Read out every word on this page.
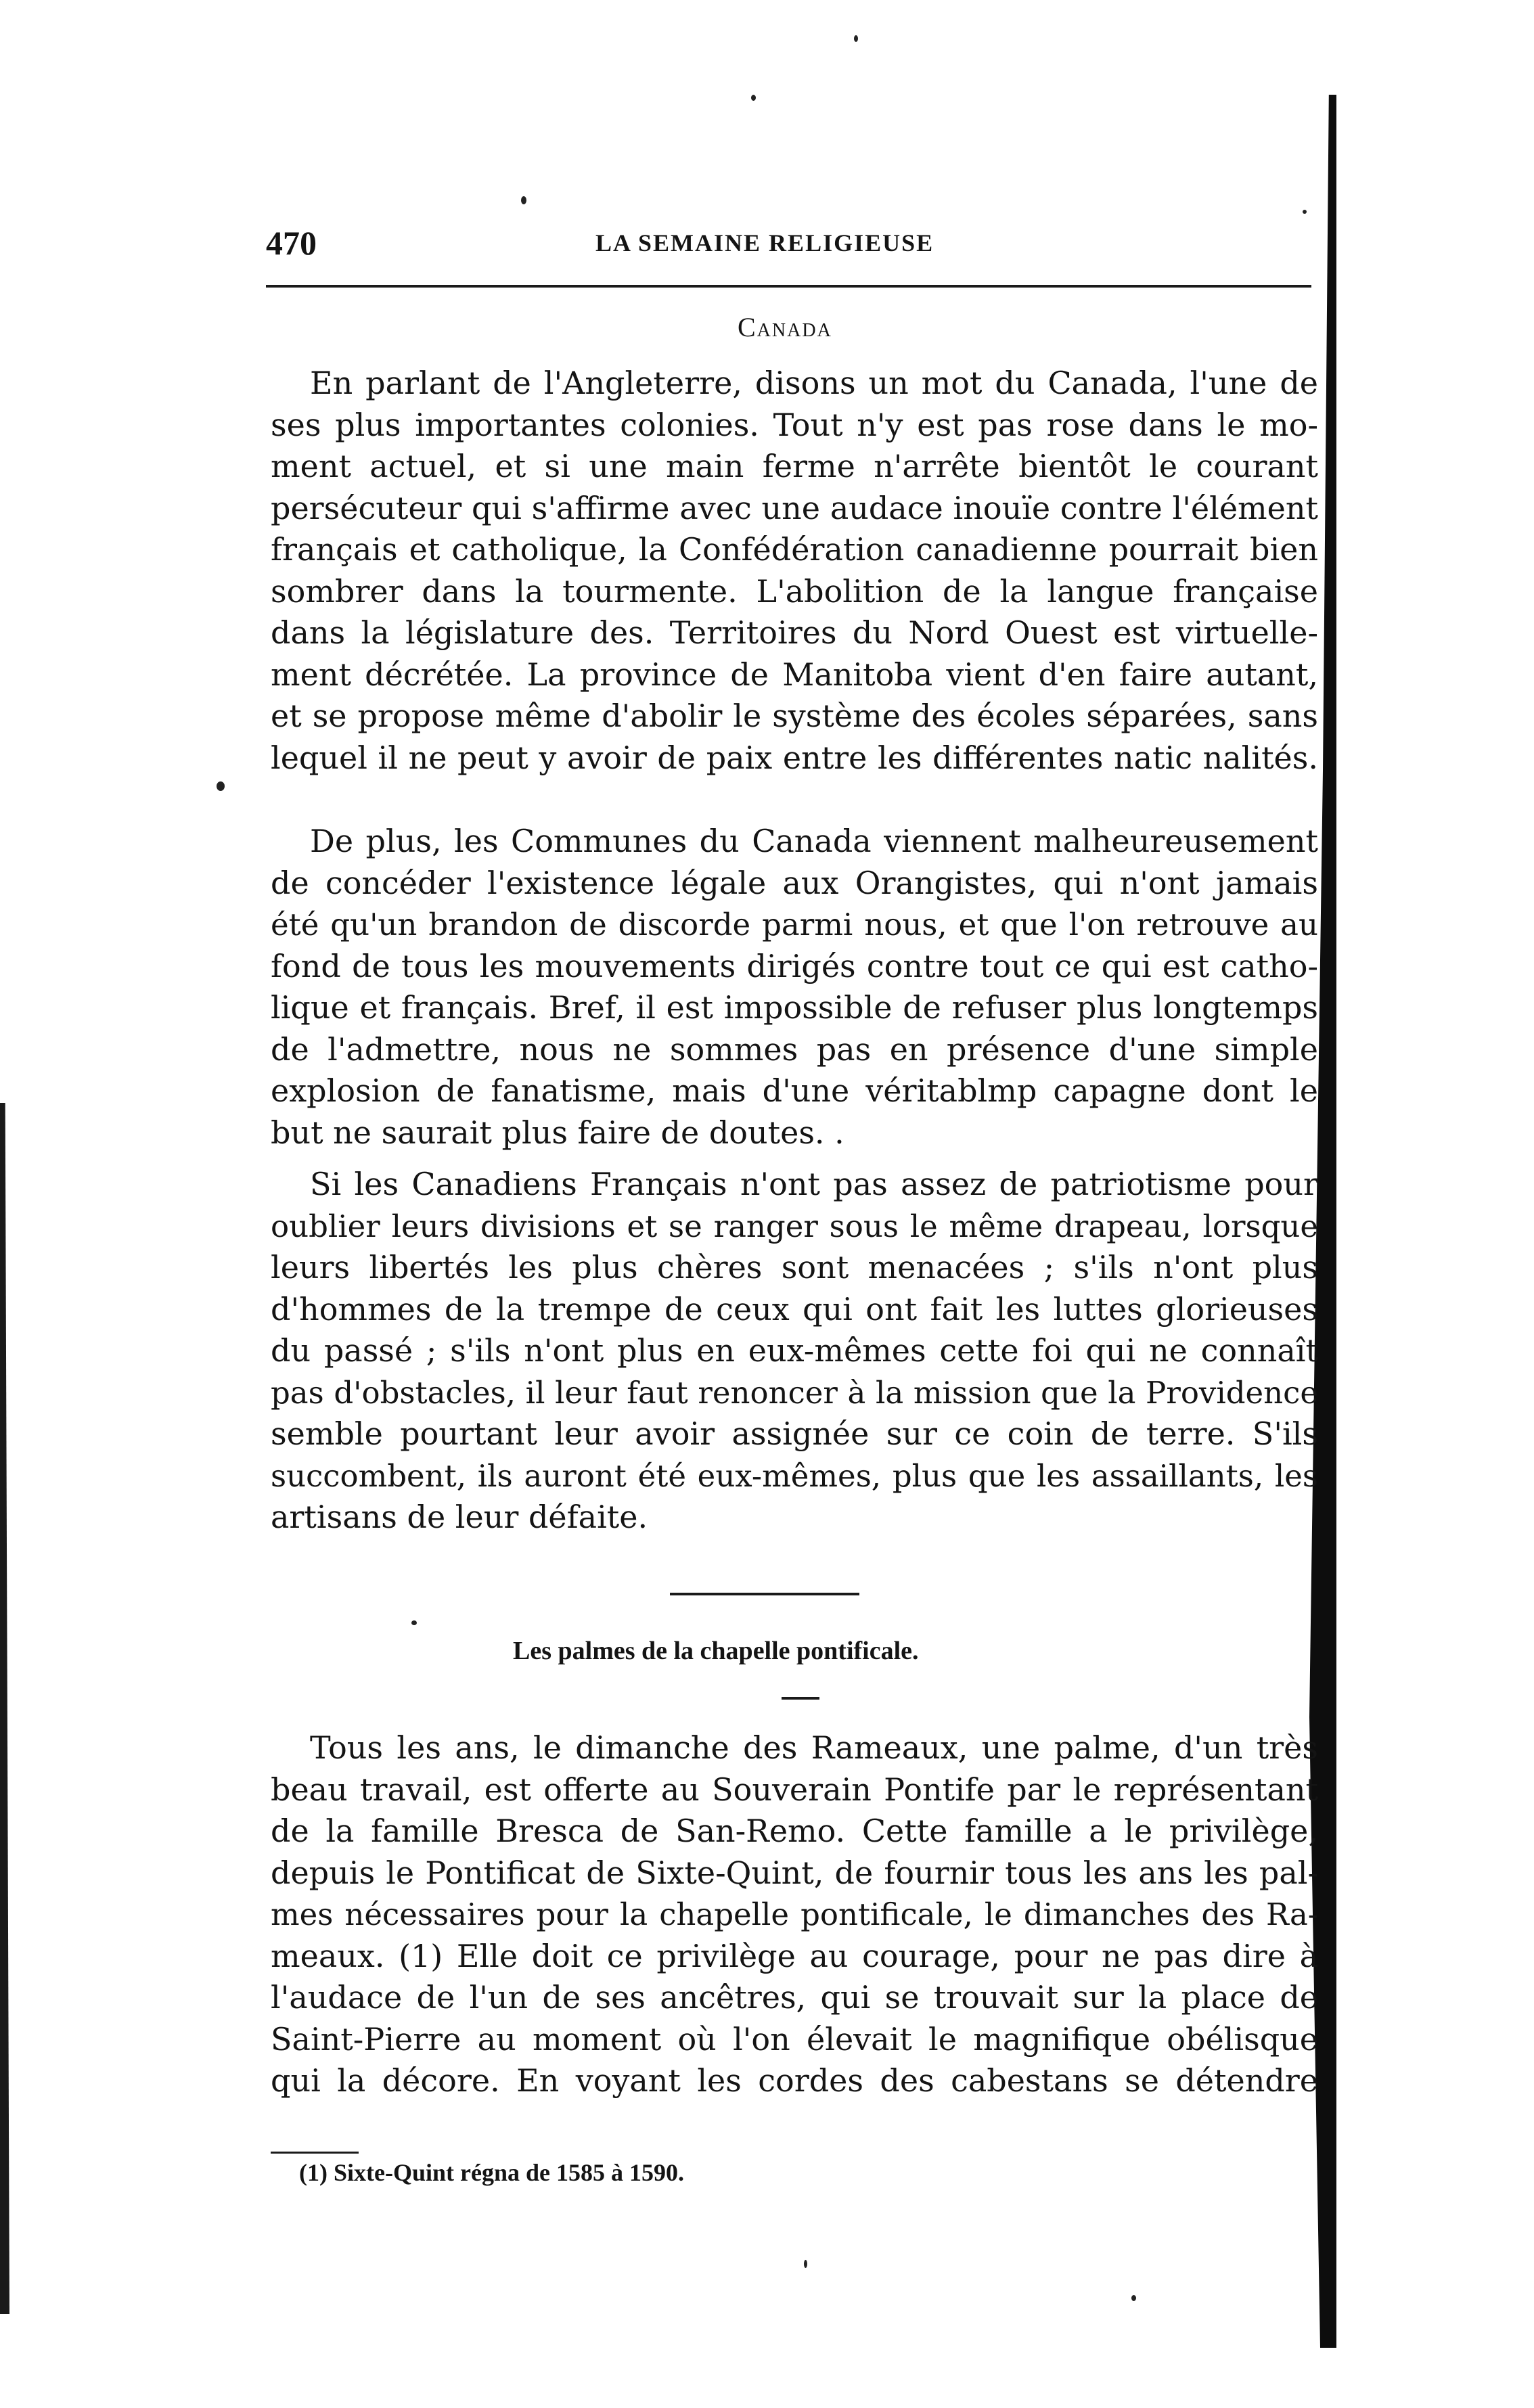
470	LA SEMAINE RELIGIEUSE
Canada
En parlant de l'Angleterre, disons un mot du Canada, l'une de
ses plus importantes colonies. Tout n'y est pas rose dans le mo-
ment actuel, et si une main ferme n'arrête bientôt le courant
persécuteur qui s'affirme avec une audace inouïe contre l'élément
français et catholique, la Confédération canadienne pourrait bien
sombrer dans la tourmente. L'abolition de la langue française
dans la législature des. Territoires du Nord Ouest est virtuelle-
ment décrétée. La province de Manitoba vient d'en faire autant,
et se propose même d'abolir le système des écoles séparées, sans
lequel il ne peut y avoir de paix entre les différentes natic nalités.
De plus, les Communes du Canada viennent malheureusement
de concéder l'existence légale aux Orangistes, qui n'ont jamais
été qu'un brandon de discorde parmi nous, et que l'on retrouve au
fond de tous les mouvements dirigés contre tout ce qui est catho-
lique et français. Bref, il est impossible de refuser plus longtemps
de l'admettre, nous ne sommes pas en présence d'une simple
explosion de fanatisme, mais d'une véritablmp capagne dont le
but ne saurait plus faire de doutes. .
Si les Canadiens Français n'ont pas assez de patriotisme pour
oublier leurs divisions et se ranger sous le même drapeau, lorsque
leurs libertés les plus chères sont menacées ; s'ils n'ont plus
d'hommes de la trempe de ceux qui ont fait les luttes glorieuses
du passé ; s'ils n'ont plus en eux-mêmes cette foi qui ne connaît
pas d'obstacles, il leur faut renoncer à la mission que la Providence
semble pourtant leur avoir assignée sur ce coin de terre. S'ils
succombent, ils auront été eux-mêmes, plus que les assaillants, les
artisans de leur défaite.
Les palmes de la chapelle pontificale.
Tous les ans, le dimanche des Rameaux, une palme, d'un très
beau travail, est offerte au Souverain Pontife par le représentant
de la famille Bresca de San-Remo. Cette famille a le privilège,
depuis le Pontificat de Sixte-Quint, de fournir tous les ans les pal-
mes nécessaires pour la chapelle pontificale, le dimanches des Ra-
meaux. (1) Elle doit ce privilège au courage, pour ne pas dire à
l'audace de l'un de ses ancêtres, qui se trouvait sur la place de
Saint-Pierre au moment où l'on élevait le magnifique obélisque
qui la décore. En voyant les cordes des cabestans se détendre
(1) Sixte-Quint régna de 1585 à 1590.
